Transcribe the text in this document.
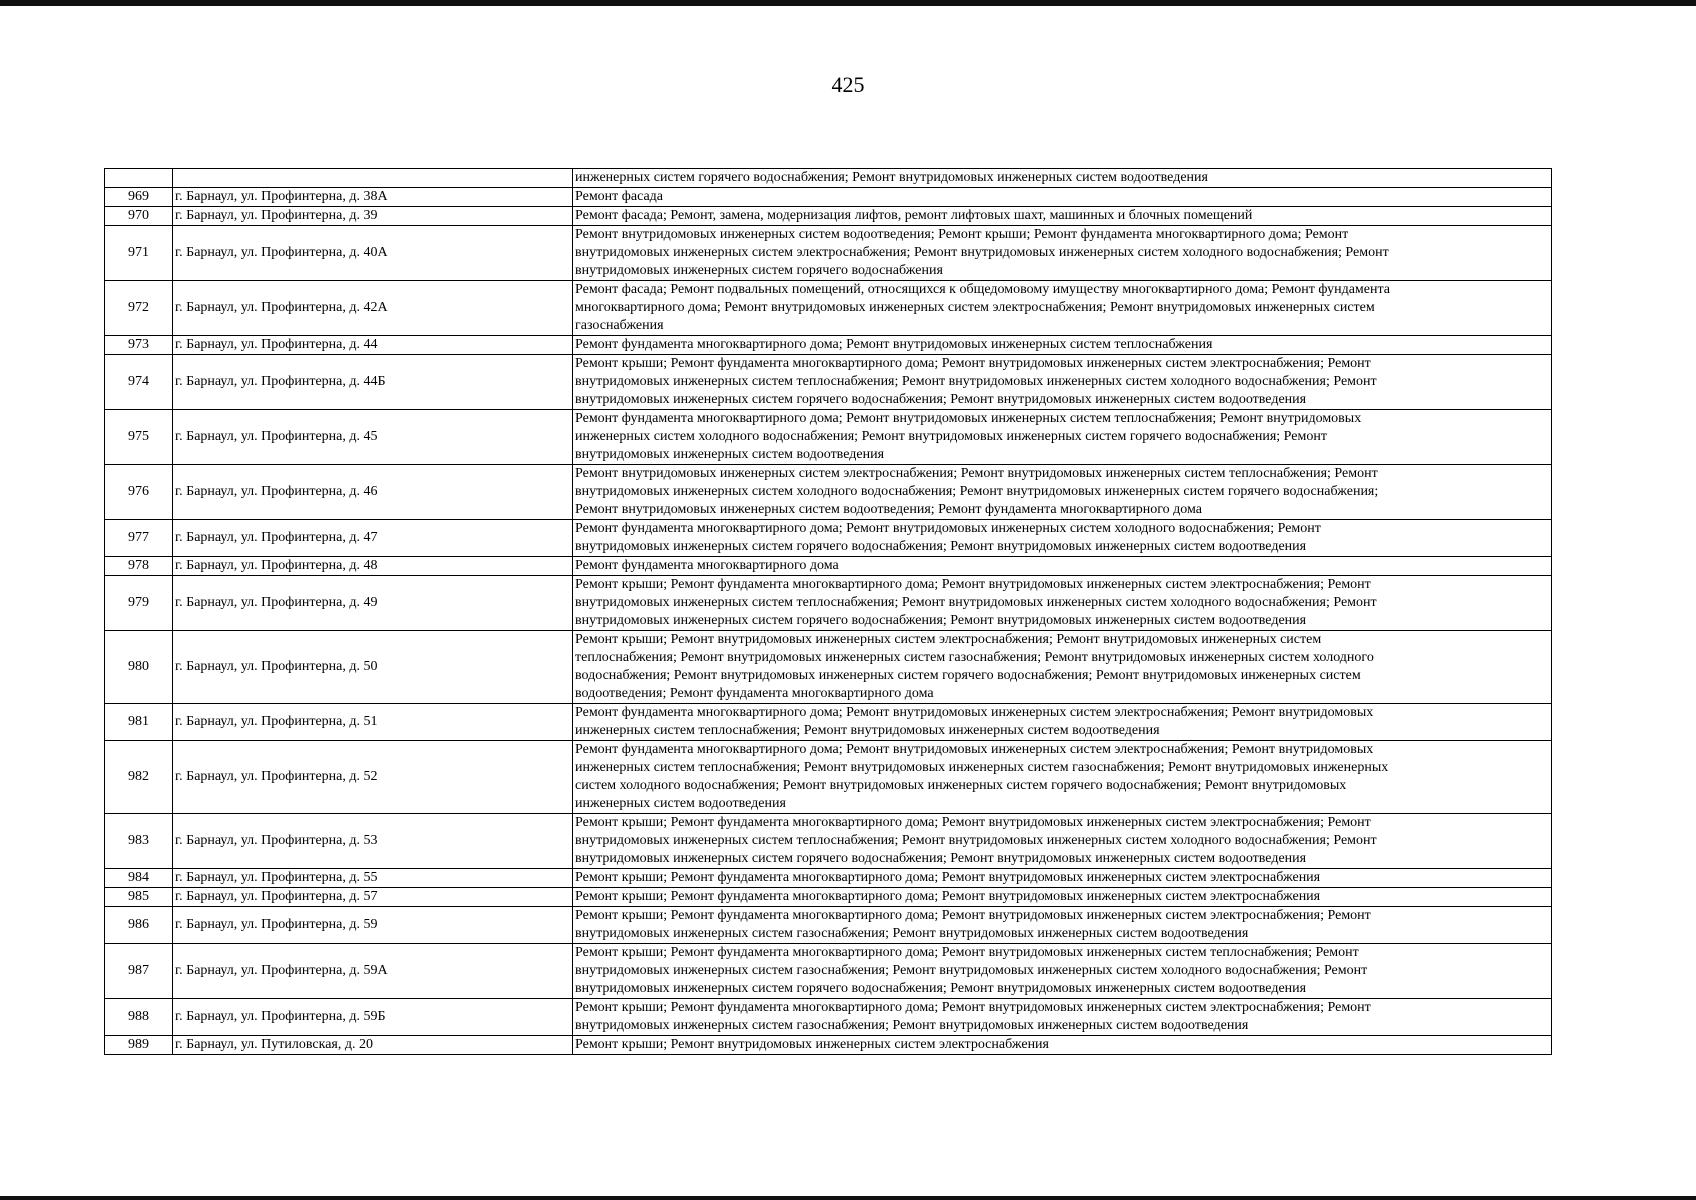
425
		инженерных систем горячего водоснабжения; Ремонт внутридомовых инженерных систем водоотведения
969	г. Барнаул, ул. Профинтерна, д. 38А	Ремонт фасада
970	г. Барнаул, ул. Профинтерна, д. 39	Ремонт фасада; Ремонт, замена, модернизация лифтов, ремонт лифтовых шахт, машинных и блочных помещений
971	г. Барнаул, ул. Профинтерна, д. 40А	Ремонт внутридомовых инженерных систем водоотведения; Ремонт крыши; Ремонт фундамента многоквартирного дома; Ремонт
внутридомовых инженерных систем электроснабжения; Ремонт внутридомовых инженерных систем холодного водоснабжения; Ремонт
внутридомовых инженерных систем горячего водоснабжения
972	г. Барнаул, ул. Профинтерна, д. 42А	Ремонт фасада; Ремонт подвальных помещений, относящихся к общедомовому имуществу многоквартирного дома; Ремонт фундамента
многоквартирного дома; Ремонт внутридомовых инженерных систем электроснабжения; Ремонт внутридомовых инженерных систем
газоснабжения
973	г. Барнаул, ул. Профинтерна, д. 44	Ремонт фундамента многоквартирного дома; Ремонт внутридомовых инженерных систем теплоснабжения
974	г. Барнаул, ул. Профинтерна, д. 44Б	Ремонт крыши; Ремонт фундамента многоквартирного дома; Ремонт внутридомовых инженерных систем электроснабжения; Ремонт
внутридомовых инженерных систем теплоснабжения; Ремонт внутридомовых инженерных систем холодного водоснабжения; Ремонт
внутридомовых инженерных систем горячего водоснабжения; Ремонт внутридомовых инженерных систем водоотведения
975	г. Барнаул, ул. Профинтерна, д. 45	Ремонт фундамента многоквартирного дома; Ремонт внутридомовых инженерных систем теплоснабжения; Ремонт внутридомовых
инженерных систем холодного водоснабжения; Ремонт внутридомовых инженерных систем горячего водоснабжения; Ремонт
внутридомовых инженерных систем водоотведения
976	г. Барнаул, ул. Профинтерна, д. 46	Ремонт внутридомовых инженерных систем электроснабжения; Ремонт внутридомовых инженерных систем теплоснабжения; Ремонт
внутридомовых инженерных систем холодного водоснабжения; Ремонт внутридомовых инженерных систем горячего водоснабжения;
Ремонт внутридомовых инженерных систем водоотведения; Ремонт фундамента многоквартирного дома
977	г. Барнаул, ул. Профинтерна, д. 47	Ремонт фундамента многоквартирного дома; Ремонт внутридомовых инженерных систем холодного водоснабжения; Ремонт
внутридомовых инженерных систем горячего водоснабжения; Ремонт внутридомовых инженерных систем водоотведения
978	г. Барнаул, ул. Профинтерна, д. 48	Ремонт фундамента многоквартирного дома
979	г. Барнаул, ул. Профинтерна, д. 49	Ремонт крыши; Ремонт фундамента многоквартирного дома; Ремонт внутридомовых инженерных систем электроснабжения; Ремонт
внутридомовых инженерных систем теплоснабжения; Ремонт внутридомовых инженерных систем холодного водоснабжения; Ремонт
внутридомовых инженерных систем горячего водоснабжения; Ремонт внутридомовых инженерных систем водоотведения
980	г. Барнаул, ул. Профинтерна, д. 50	Ремонт крыши; Ремонт внутридомовых инженерных систем электроснабжения; Ремонт внутридомовых инженерных систем
теплоснабжения; Ремонт внутридомовых инженерных систем газоснабжения; Ремонт внутридомовых инженерных систем холодного
водоснабжения; Ремонт внутридомовых инженерных систем горячего водоснабжения; Ремонт внутридомовых инженерных систем
водоотведения; Ремонт фундамента многоквартирного дома
981	г. Барнаул, ул. Профинтерна, д. 51	Ремонт фундамента многоквартирного дома; Ремонт внутридомовых инженерных систем электроснабжения; Ремонт внутридомовых
инженерных систем теплоснабжения; Ремонт внутридомовых инженерных систем водоотведения
982	г. Барнаул, ул. Профинтерна, д. 52	Ремонт фундамента многоквартирного дома; Ремонт внутридомовых инженерных систем электроснабжения; Ремонт внутридомовых
инженерных систем теплоснабжения; Ремонт внутридомовых инженерных систем газоснабжения; Ремонт внутридомовых инженерных
систем холодного водоснабжения; Ремонт внутридомовых инженерных систем горячего водоснабжения; Ремонт внутридомовых
инженерных систем водоотведения
983	г. Барнаул, ул. Профинтерна, д. 53	Ремонт крыши; Ремонт фундамента многоквартирного дома; Ремонт внутридомовых инженерных систем электроснабжения; Ремонт
внутридомовых инженерных систем теплоснабжения; Ремонт внутридомовых инженерных систем холодного водоснабжения; Ремонт
внутридомовых инженерных систем горячего водоснабжения; Ремонт внутридомовых инженерных систем водоотведения
984	г. Барнаул, ул. Профинтерна, д. 55	Ремонт крыши; Ремонт фундамента многоквартирного дома; Ремонт внутридомовых инженерных систем электроснабжения
985	г. Барнаул, ул. Профинтерна, д. 57	Ремонт крыши; Ремонт фундамента многоквартирного дома; Ремонт внутридомовых инженерных систем электроснабжения
986	г. Барнаул, ул. Профинтерна, д. 59	Ремонт крыши; Ремонт фундамента многоквартирного дома; Ремонт внутридомовых инженерных систем электроснабжения; Ремонт
внутридомовых инженерных систем газоснабжения; Ремонт внутридомовых инженерных систем водоотведения
987	г. Барнаул, ул. Профинтерна, д. 59А	Ремонт крыши; Ремонт фундамента многоквартирного дома; Ремонт внутридомовых инженерных систем теплоснабжения; Ремонт
внутридомовых инженерных систем газоснабжения; Ремонт внутридомовых инженерных систем холодного водоснабжения; Ремонт
внутридомовых инженерных систем горячего водоснабжения; Ремонт внутридомовых инженерных систем водоотведения
988	г. Барнаул, ул. Профинтерна, д. 59Б	Ремонт крыши; Ремонт фундамента многоквартирного дома; Ремонт внутридомовых инженерных систем электроснабжения; Ремонт
внутридомовых инженерных систем газоснабжения; Ремонт внутридомовых инженерных систем водоотведения
989	г. Барнаул, ул. Путиловская, д. 20	Ремонт крыши; Ремонт внутридомовых инженерных систем электроснабжения
